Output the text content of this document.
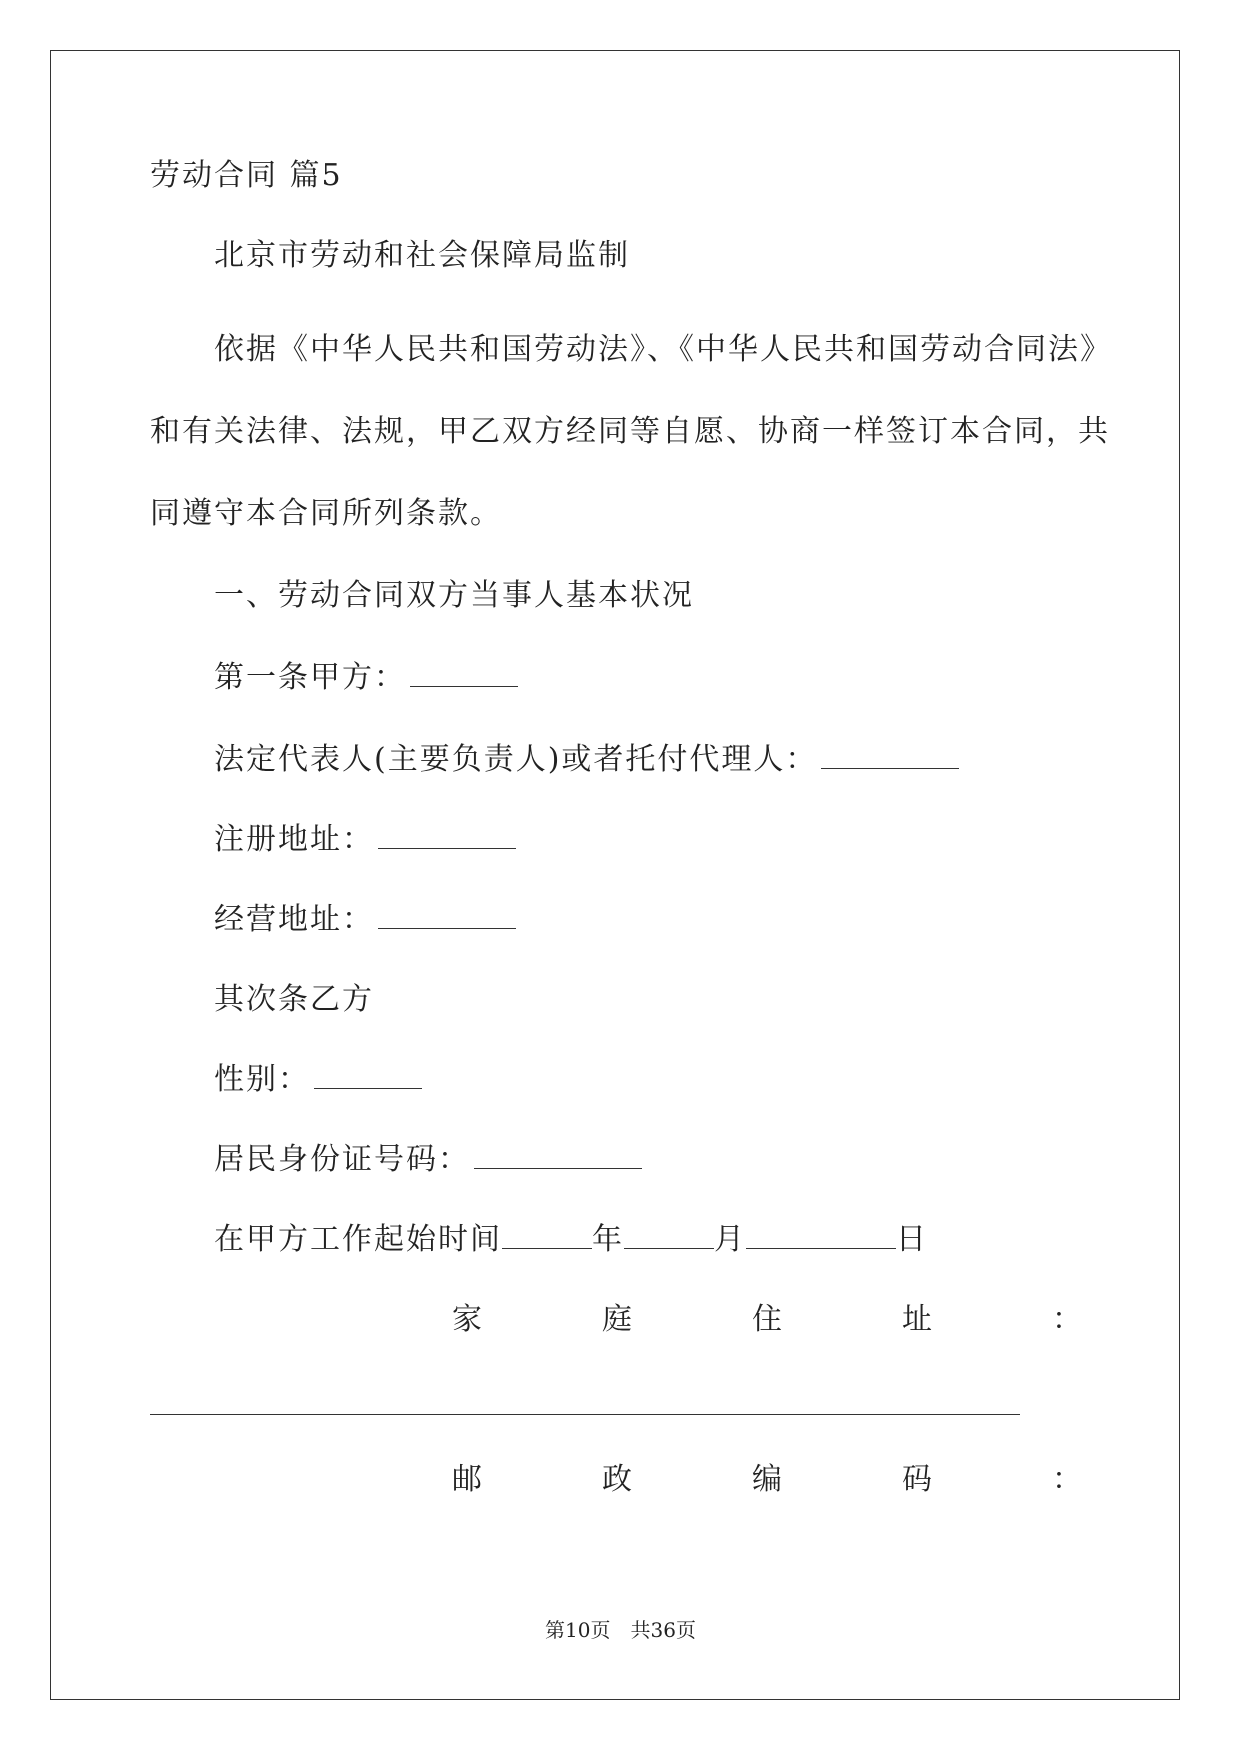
劳动合同 篇5
北京市劳动和社会保障局监制
依据《中华人民共和国劳动法》、《中华人民共和国劳动合同法》
和有关法律、法规，甲乙双方经同等自愿、协商一样签订本合同，共
同遵守本合同所列条款。
一、劳动合同双方当事人基本状况
第一条甲方：
法定代表人(主要负责人)或者托付代理人：
注册地址：
经营地址：
其次条乙方
性别：
居民身份证号码：
在甲方工作起始时间	年	月	日
家	庭	住	址	：
邮	政	编	码	：
第10页　共36页
